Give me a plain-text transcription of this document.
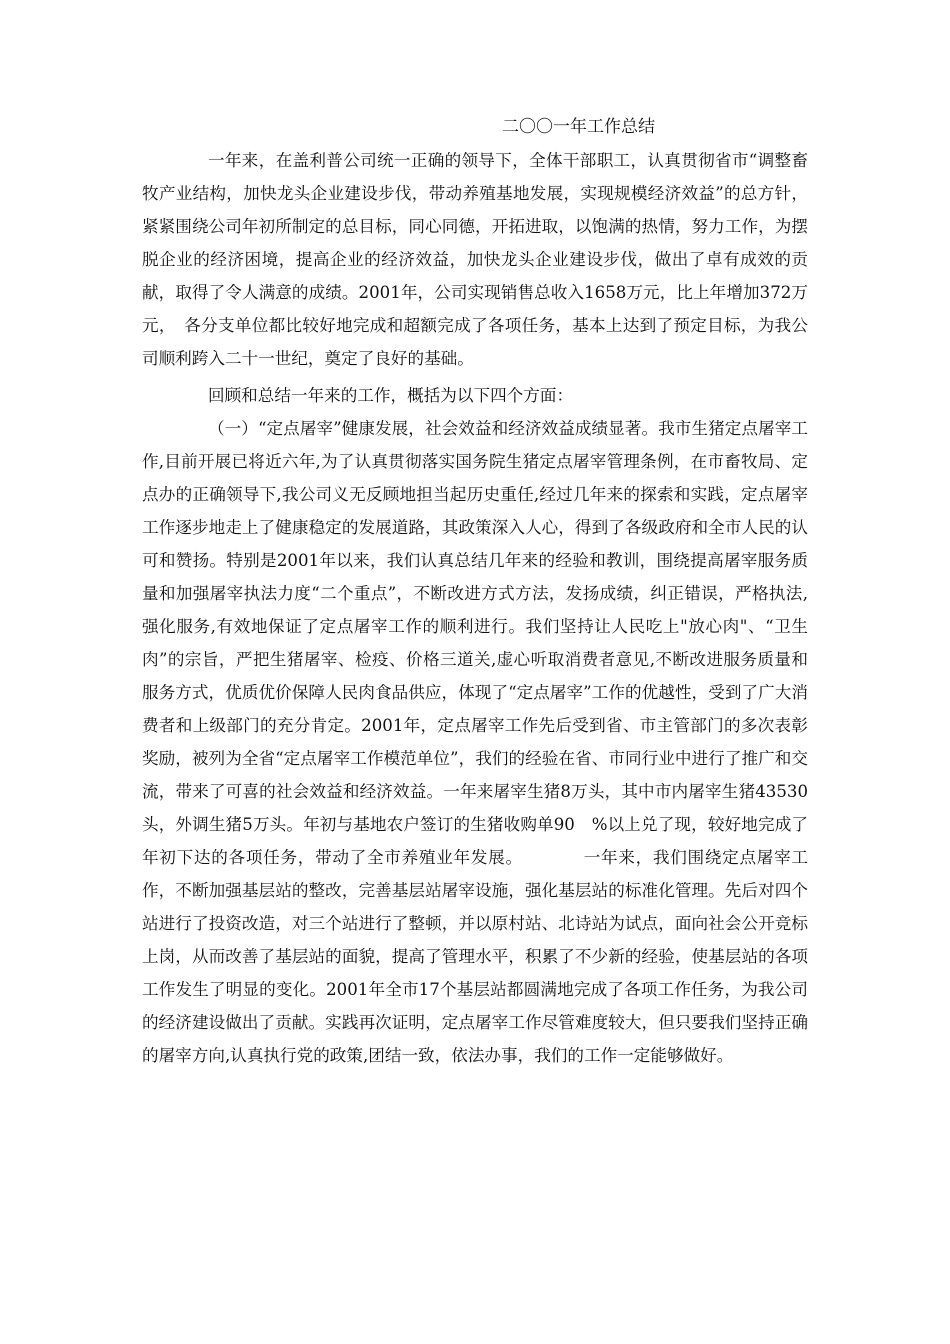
二〇〇一年工作总结

一年来，在盖利普公司统一正确的领导下，全体干部职工，认真贯彻省市“调整畜牧产业结构，加快龙头企业建设步伐，带动养殖基地发展，实现规模经济效益”的总方针，紧紧围绕公司年初所制定的总目标，同心同德，开拓进取，以饱满的热情，努力工作，为摆脱企业的经济困境，提高企业的经济效益，加快龙头企业建设步伐，做出了卓有成效的贡献，取得了令人满意的成绩。2001年，公司实现销售总收入1658万元，比上年增加372万元，　各分支单位都比较好地完成和超额完成了各项任务，基本上达到了预定目标，为我公司顺利跨入二十一世纪，奠定了良好的基础。

回顾和总结一年来的工作，概括为以下四个方面：

（一）“定点屠宰”健康发展，社会效益和经济效益成绩显著。我市生猪定点屠宰工作,目前开展已将近六年,为了认真贯彻落实国务院生猪定点屠宰管理条例，在市畜牧局、定点办的正确领导下,我公司义无反顾地担当起历史重任,经过几年来的探索和实践，定点屠宰工作逐步地走上了健康稳定的发展道路，其政策深入人心，得到了各级政府和全市人民的认可和赞扬。特别是2001年以来，我们认真总结几年来的经验和教训，围绕提高屠宰服务质量和加强屠宰执法力度“二个重点”，不断改进方式方法，发扬成绩，纠正错误，严格执法,强化服务,有效地保证了定点屠宰工作的顺利进行。我们坚持让人民吃上"放心肉"、“卫生肉”的宗旨，严把生猪屠宰、检疫、价格三道关,虚心听取消费者意见,不断改进服务质量和服务方式，优质优价保障人民肉食品供应，体现了“定点屠宰”工作的优越性，受到了广大消费者和上级部门的充分肯定。2001年，定点屠宰工作先后受到省、市主管部门的多次表彰奖励，被列为全省“定点屠宰工作模范单位”，我们的经验在省、市同行业中进行了推广和交流，带来了可喜的社会效益和经济效益。一年来屠宰生猪8万头，其中市内屠宰生猪43530头，外调生猪5万头。年初与基地农户签订的生猪收购单90　%以上兑了现，较好地完成了年初下达的各项任务，带动了全市养殖业年发展。　　　　一年来，我们围绕定点屠宰工作，不断加强基层站的整改，完善基层站屠宰设施，强化基层站的标准化管理。先后对四个站进行了投资改造，对三个站进行了整顿，并以原村站、北诗站为试点，面向社会公开竞标上岗，从而改善了基层站的面貌，提高了管理水平，积累了不少新的经验，使基层站的各项工作发生了明显的变化。2001年全市17个基层站都圆满地完成了各项工作任务，为我公司的经济建设做出了贡献。实践再次证明，定点屠宰工作尽管难度较大，但只要我们坚持正确的屠宰方向,认真执行党的政策,团结一致，依法办事，我们的工作一定能够做好。
